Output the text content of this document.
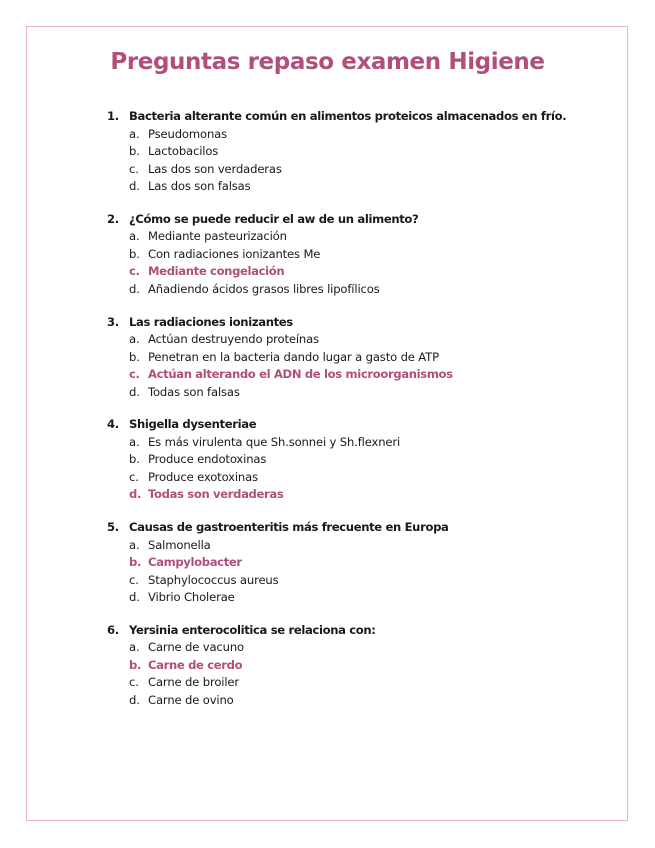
Preguntas repaso examen Higiene
1. Bacteria alterante común en alimentos proteicos almacenados en frío.
a. Pseudomonas
b. Lactobacilos
c. Las dos son verdaderas
d. Las dos son falsas
2. ¿Cómo se puede reducir el aw de un alimento?
a. Mediante pasteurización
b. Con radiaciones ionizantes Me
c. Mediante congelación
d. Añadiendo ácidos grasos libres lipofílicos
3. Las radiaciones ionizantes
a. Actúan destruyendo proteínas
b. Penetran en la bacteria dando lugar a gasto de ATP
c. Actúan alterando el ADN de los microorganismos
d. Todas son falsas
4. Shigella dysenteriae
a. Es más virulenta que Sh.sonnei y Sh.flexneri
b. Produce endotoxinas
c. Produce exotoxinas
d. Todas son verdaderas
5. Causas de gastroenteritis más frecuente en Europa
a. Salmonella
b. Campylobacter
c. Staphylococcus aureus
d. Vibrio Cholerae
6. Yersinia enterocolitica se relaciona con:
a. Carne de vacuno
b. Carne de cerdo
c. Carne de broiler
d. Carne de ovino
